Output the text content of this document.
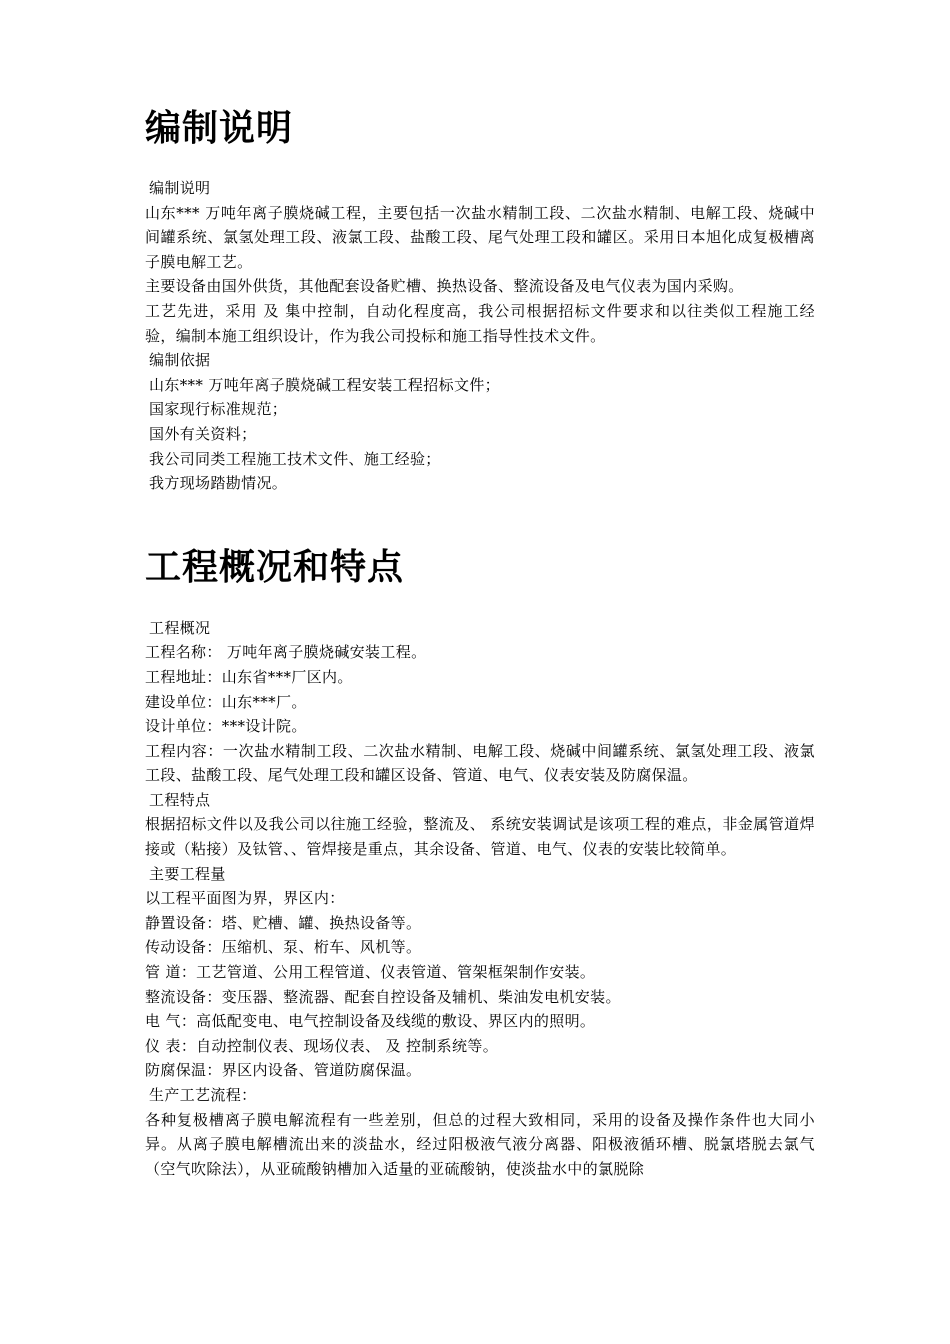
编制说明

编制说明

山东*** 万吨年离子膜烧碱工程，主要包括一次盐水精制工段、二次盐水精制、电解工段、烧碱中间罐系统、氯氢处理工段、液氯工段、盐酸工段、尾气处理工段和罐区。采用日本旭化成复极槽离子膜电解工艺。

主要设备由国外供货，其他配套设备贮槽、换热设备、整流设备及电气仪表为国内采购。

工艺先进，采用 及 集中控制，自动化程度高，我公司根据招标文件要求和以往类似工程施工经验，编制本施工组织设计，作为我公司投标和施工指导性技术文件。

编制依据

山东*** 万吨年离子膜烧碱工程安装工程招标文件；

国家现行标准规范；

国外有关资料；

我公司同类工程施工技术文件、施工经验；

我方现场踏勘情况。

工程概况和特点

工程概况

工程名称： 万吨年离子膜烧碱安装工程。

工程地址：山东省***厂区内。

建设单位：山东***厂。

设计单位：***设计院。

工程内容：一次盐水精制工段、二次盐水精制、电解工段、烧碱中间罐系统、氯氢处理工段、液氯工段、盐酸工段、尾气处理工段和罐区设备、管道、电气、仪表安装及防腐保温。

工程特点

根据招标文件以及我公司以往施工经验，整流及、 系统安装调试是该项工程的难点，非金属管道焊接或（粘接）及钛管、、管焊接是重点，其余设备、管道、电气、仪表的安装比较简单。

主要工程量

以工程平面图为界，界区内：

静置设备：塔、贮槽、罐、换热设备等。

传动设备：压缩机、泵、桁车、风机等。

管 道：工艺管道、公用工程管道、仪表管道、管架框架制作安装。

整流设备：变压器、整流器、配套自控设备及辅机、柴油发电机安装。

电 气：高低配变电、电气控制设备及线缆的敷设、界区内的照明。

仪 表：自动控制仪表、现场仪表、 及 控制系统等。

防腐保温：界区内设备、管道防腐保温。

生产工艺流程：

各种复极槽离子膜电解流程有一些差别，但总的过程大致相同，采用的设备及操作条件也大同小异。从离子膜电解槽流出来的淡盐水，经过阳极液气液分离器、阳极液循环槽、脱氯塔脱去氯气（空气吹除法），从亚硫酸钠槽加入适量的亚硫酸钠，使淡盐水中的氯脱除
